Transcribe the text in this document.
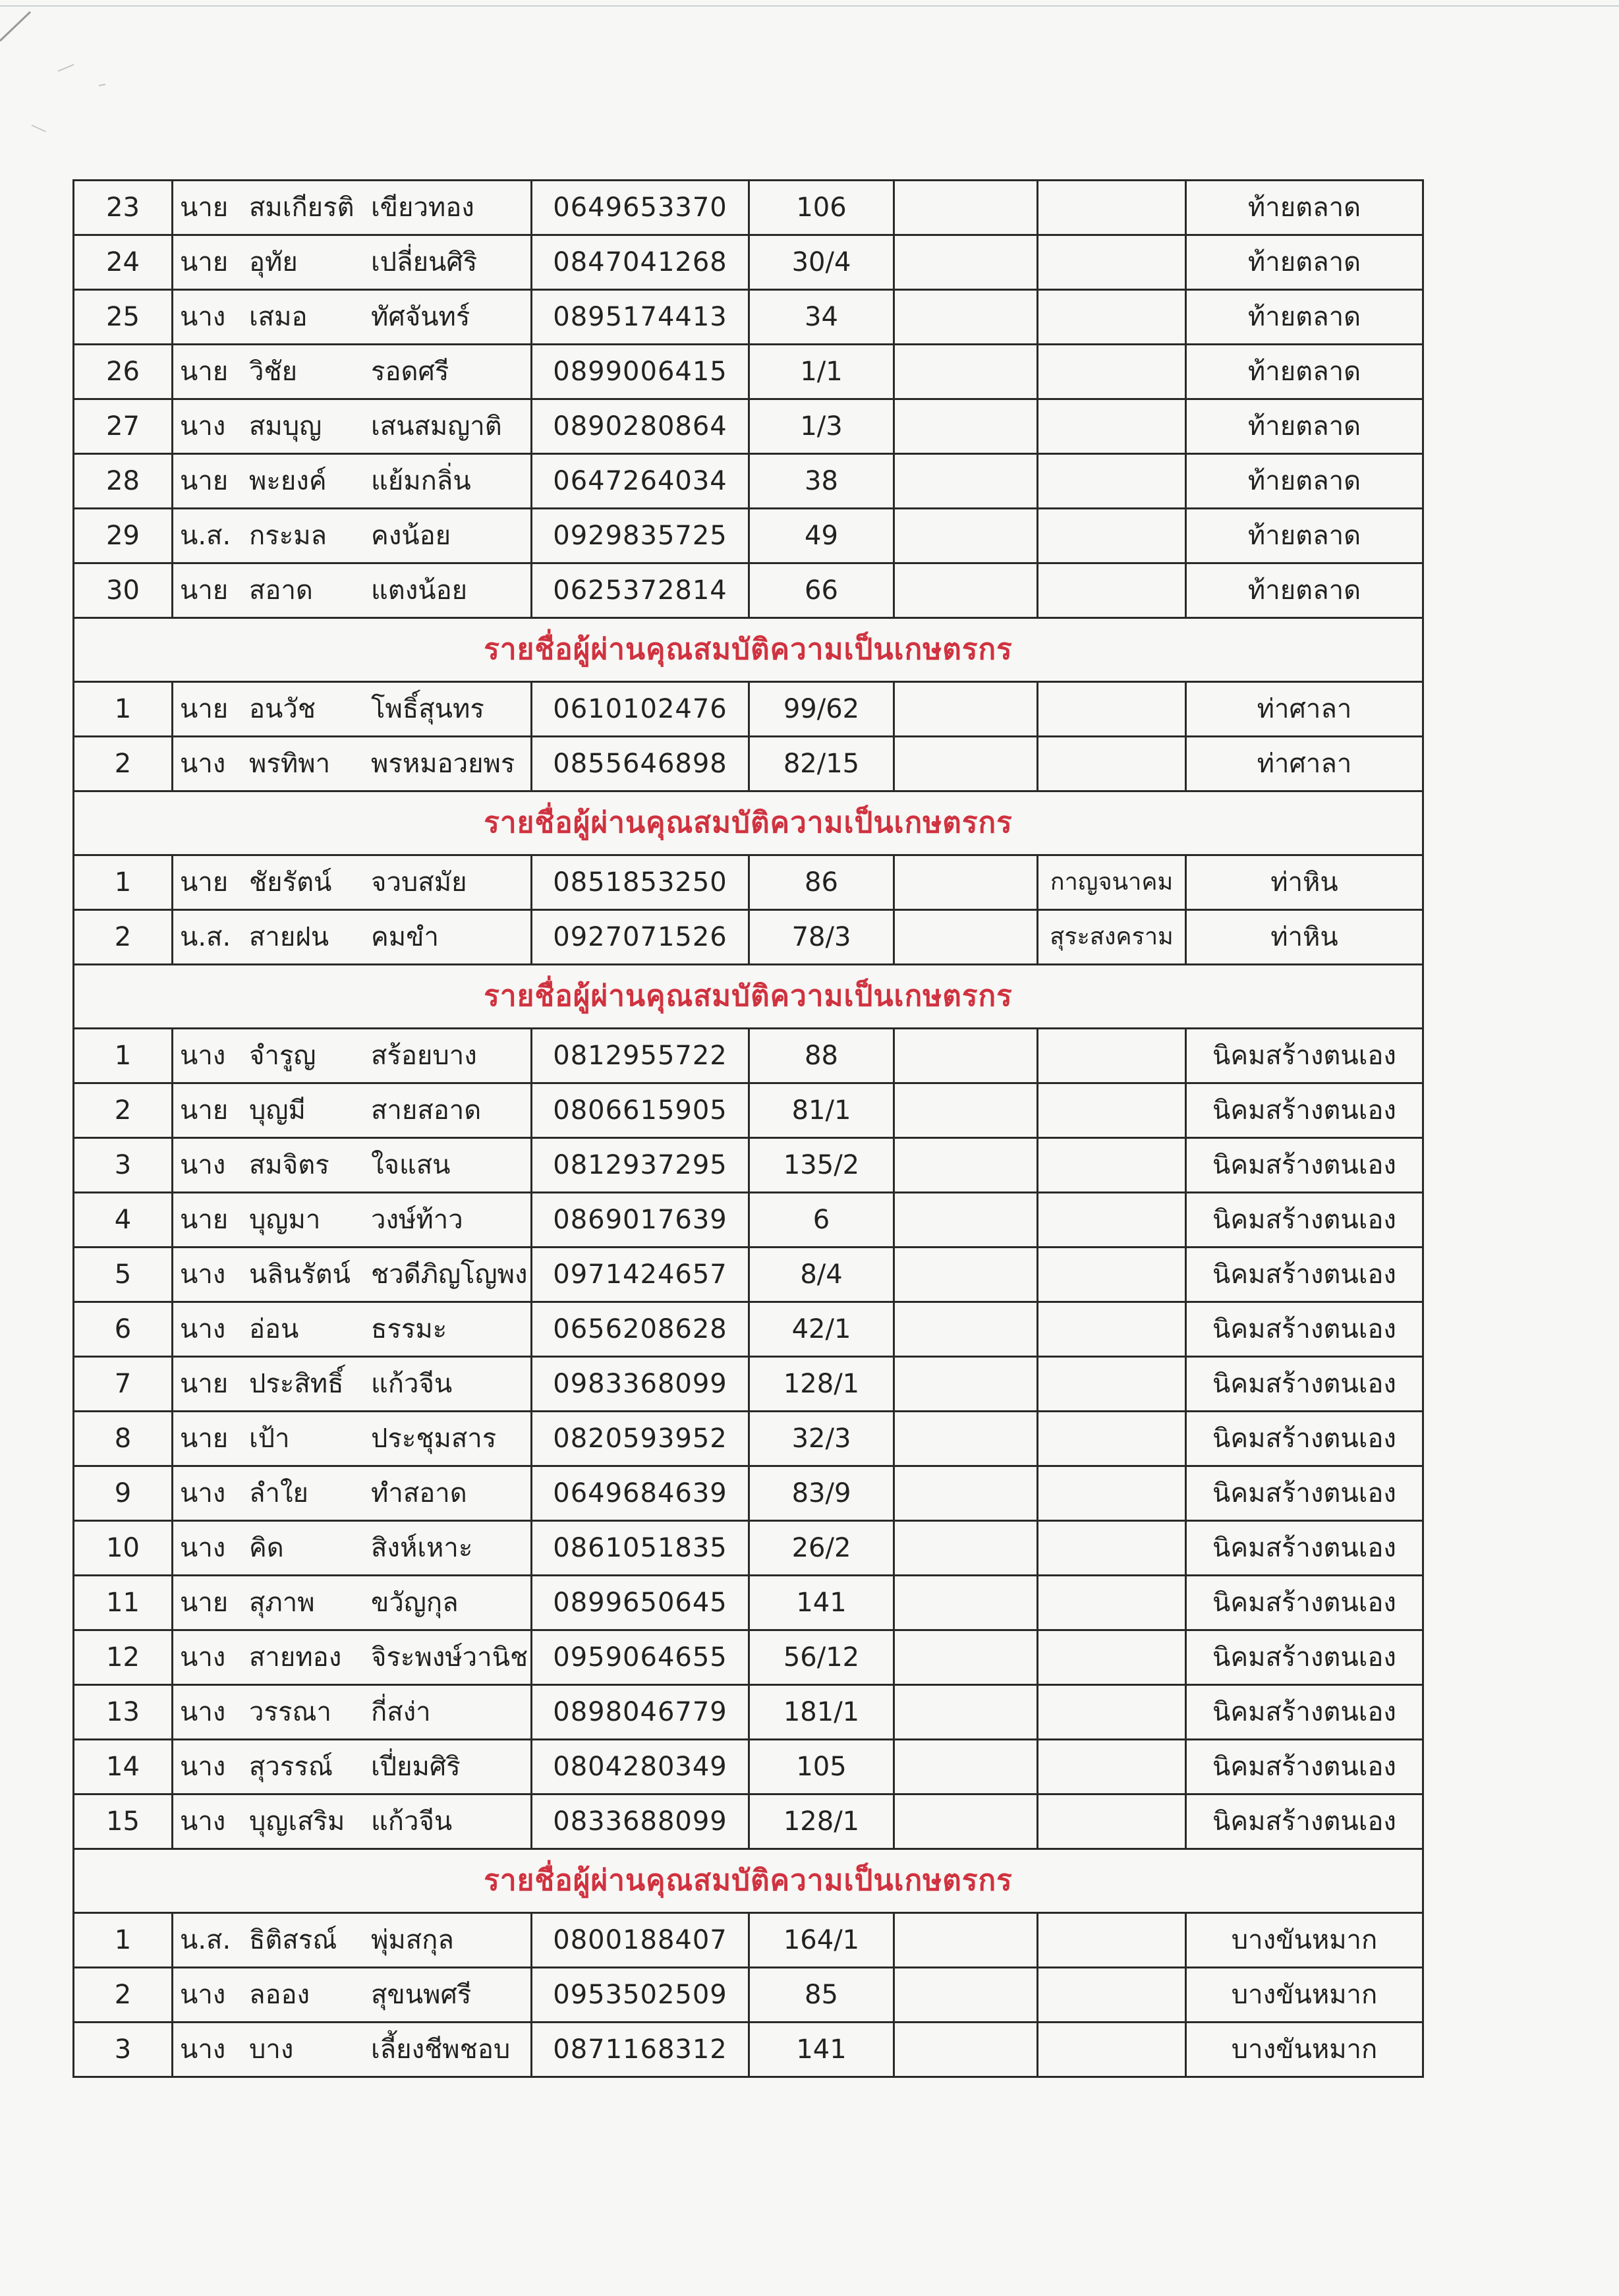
23	นาย สมเกียรติ เขียวทอง	0649653370	106			ท้ายตลาด
24	นาย อุทัย เปลี่ยนศิริ	0847041268	30/4			ท้ายตลาด
25	นาง เสมอ ทัศจันทร์	0895174413	34			ท้ายตลาด
26	นาย วิชัย รอดศรี	0899006415	1/1			ท้ายตลาด
27	นาง สมบุญ เสนสมญาติ	0890280864	1/3			ท้ายตลาด
28	นาย พะยงค์ แย้มกลิ่น	0647264034	38			ท้ายตลาด
29	น.ส. กระมล คงน้อย	0929835725	49			ท้ายตลาด
30	นาย สอาด แตงน้อย	0625372814	66			ท้ายตลาด
รายชื่อผู้ผ่านคุณสมบัติความเป็นเกษตรกร						
1	นาย อนวัช โพธิ์สุนทร	0610102476	99/62			ท่าศาลา
2	นาง พรทิพา พรหมอวยพร	0855646898	82/15			ท่าศาลา
รายชื่อผู้ผ่านคุณสมบัติความเป็นเกษตรกร						
1	นาย ชัยรัตน์ จวบสมัย	0851853250	86		กาญจนาคม	ท่าหิน
2	น.ส. สายฝน คมขำ	0927071526	78/3		สุระสงคราม	ท่าหิน
รายชื่อผู้ผ่านคุณสมบัติความเป็นเกษตรกร						
1	นาง จำรูญ สร้อยบาง	0812955722	88			นิคมสร้างตนเอง
2	นาย บุญมี สายสอาด	0806615905	81/1			นิคมสร้างตนเอง
3	นาง สมจิตร ใจแสน	0812937295	135/2			นิคมสร้างตนเอง
4	นาย บุญมา วงษ์ท้าว	0869017639	6			นิคมสร้างตนเอง
5	นาง นลินรัตน์ ชวดีภิญโญพง	0971424657	8/4			นิคมสร้างตนเอง
6	นาง อ่อน ธรรมะ	0656208628	42/1			นิคมสร้างตนเอง
7	นาย ประสิทธิ์ แก้วจีน	0983368099	128/1			นิคมสร้างตนเอง
8	นาย เป้า ประชุมสาร	0820593952	32/3			นิคมสร้างตนเอง
9	นาง ลำใย ทำสอาด	0649684639	83/9			นิคมสร้างตนเอง
10	นาง คิด สิงห์เหาะ	0861051835	26/2			นิคมสร้างตนเอง
11	นาย สุภาพ ขวัญกุล	0899650645	141			นิคมสร้างตนเอง
12	นาง สายทอง จิระพงษ์วานิช	0959064655	56/12			นิคมสร้างตนเอง
13	นาง วรรณา กี่สง่า	0898046779	181/1			นิคมสร้างตนเอง
14	นาง สุวรรณ์ เปี่ยมศิริ	0804280349	105			นิคมสร้างตนเอง
15	นาง บุญเสริม แก้วจีน	0833688099	128/1			นิคมสร้างตนเอง
รายชื่อผู้ผ่านคุณสมบัติความเป็นเกษตรกร						
1	น.ส. ธิติสรณ์ พุ่มสกุล	0800188407	164/1			บางขันหมาก
2	นาง ลออง สุขนพศรี	0953502509	85			บางขันหมาก
3	นาง บาง เลี้ยงชีพชอบ	0871168312	141			บางขันหมาก
